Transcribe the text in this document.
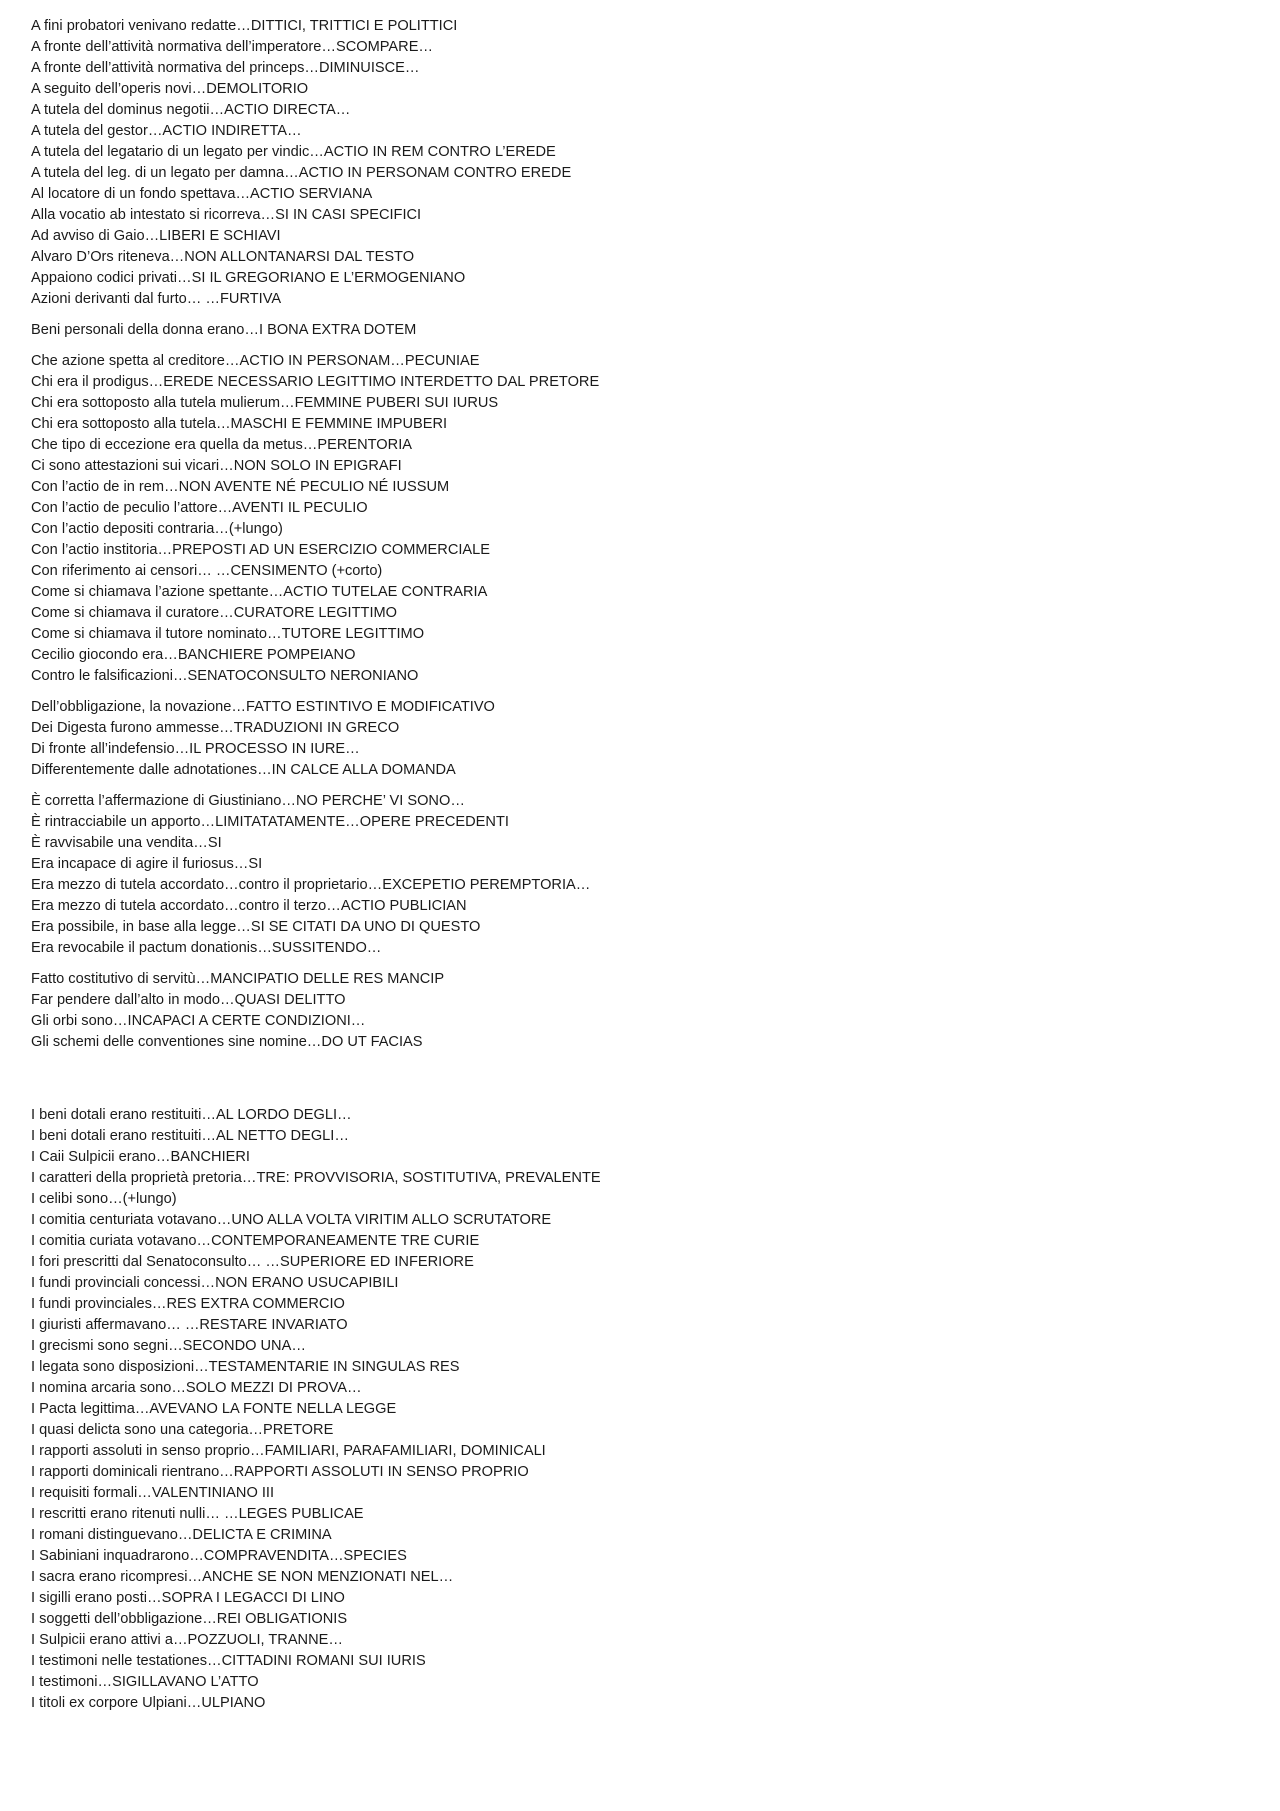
A fini probatori venivano redatte…DITTICI, TRITTICI E POLITTICI
A fronte dell’attività normativa dell’imperatore…SCOMPARE…
A fronte dell’attività normativa del princeps…DIMINUISCE…
A seguito dell’operis novi…DEMOLITORIO
A tutela del dominus negotii…ACTIO DIRECTA…
A tutela del gestor…ACTIO INDIRETTA…
A tutela del legatario di un legato per vindic…ACTIO IN REM CONTRO L’EREDE
A tutela del leg. di un legato per damna…ACTIO IN PERSONAM CONTRO EREDE
Al locatore di un fondo spettava…ACTIO SERVIANA
Alla vocatio ab intestato si ricorreva…SI IN CASI SPECIFICI
Ad avviso di Gaio…LIBERI E SCHIAVI
Alvaro D’Ors riteneva…NON ALLONTANARSI DAL TESTO
Appaiono codici privati…SI IL GREGORIANO E L’ERMOGENIANO
Azioni derivanti dal furto… …FURTIVA
Beni personali della donna erano…I BONA EXTRA DOTEM
Che azione spetta al creditore…ACTIO IN PERSONAM…PECUNIAE
Chi era il prodigus…EREDE NECESSARIO LEGITTIMO INTERDETTO DAL PRETORE
Chi era sottoposto alla tutela mulierum…FEMMINE PUBERI SUI IURUS
Chi era sottoposto alla tutela…MASCHI E FEMMINE IMPUBERI
Che tipo di eccezione era quella da metus…PERENTORIA
Ci sono attestazioni sui vicari…NON SOLO IN EPIGRAFI
Con l’actio de in rem…NON AVENTE NÉ PECULIO NÉ IUSSUM
Con l’actio de peculio l’attore…AVENTI IL PECULIO
Con l’actio depositi contraria…(+lungo)
Con l’actio institoria…PREPOSTI AD UN ESERCIZIO COMMERCIALE
Con riferimento ai censori… …CENSIMENTO (+corto)
Come si chiamava l’azione spettante…ACTIO TUTELAE CONTRARIA
Come si chiamava il curatore…CURATORE LEGITTIMO
Come si chiamava il tutore nominato…TUTORE LEGITTIMO
Cecilio giocondo era…BANCHIERE POMPEIANO
Contro le falsificazioni…SENATOCONSULTO NERONIANO
Dell’obbligazione, la novazione…FATTO ESTINTIVO E MODIFICATIVO
Dei Digesta furono ammesse…TRADUZIONI IN GRECO
Di fronte all’indefensio…IL PROCESSO IN IURE…
Differentemente dalle adnotationes…IN CALCE ALLA DOMANDA
È corretta l’affermazione di Giustiniano…NO PERCHE’ VI SONO…
È rintracciabile un apporto…LIMITATATAMENTE…OPERE PRECEDENTI
È ravvisabile una vendita…SI
Era incapace di agire il furiosus…SI
Era mezzo di tutela accordato…contro il proprietario…EXCEPETIO PEREMPTORIA…
Era mezzo di tutela accordato…contro il terzo…ACTIO PUBLICIAN
Era possibile, in base alla legge…SI SE CITATI DA UNO DI QUESTO
Era revocabile il pactum donationis…SUSSITENDO…
Fatto costitutivo di servitù…MANCIPATIO DELLE RES MANCIP
Far pendere dall’alto in modo…QUASI DELITTO
Gli orbi sono…INCAPACI A CERTE CONDIZIONI…
Gli schemi delle conventiones sine nomine…DO UT FACIAS
I beni dotali erano restituiti…AL LORDO DEGLI…
I beni dotali erano restituiti…AL NETTO DEGLI…
I Caii Sulpicii erano…BANCHIERI
I caratteri della proprietà pretoria…TRE: PROVVISORIA, SOSTITUTIVA, PREVALENTE
I celibi sono…(+lungo)
I comitia centuriata votavano…UNO ALLA VOLTA VIRITIM ALLO SCRUTATORE
I comitia curiata votavano…CONTEMPORANEAMENTE TRE CURIE
I fori prescritti dal Senatoconsulto… …SUPERIORE ED INFERIORE
I fundi provinciali concessi…NON ERANO USUCAPIBILI
I fundi provinciales…RES EXTRA COMMERCIO
I giuristi affermavano… …RESTARE INVARIATO
I grecismi sono segni…SECONDO UNA…
I legata sono disposizioni…TESTAMENTARIE IN SINGULAS RES
I nomina arcaria sono…SOLO MEZZI DI PROVA…
I Pacta legittima…AVEVANO LA FONTE NELLA LEGGE
I quasi delicta sono una categoria…PRETORE
I rapporti assoluti in senso proprio…FAMILIARI, PARAFAMILIARI, DOMINICALI
I rapporti dominicali rientrano…RAPPORTI ASSOLUTI IN SENSO PROPRIO
I requisiti formali…VALENTINIANO III
I rescritti erano ritenuti nulli… …LEGES PUBLICAE
I romani distinguevano…DELICTA E CRIMINA
I Sabiniani inquadrarono…COMPRAVENDITA…SPECIES
I sacra erano ricompresi…ANCHE SE NON MENZIONATI NEL…
I sigilli erano posti…SOPRA I LEGACCI DI LINO
I soggetti dell’obbligazione…REI OBLIGATIONIS
I Sulpicii erano attivi a…POZZUOLI, TRANNE…
I testimoni nelle testationes…CITTADINI ROMANI SUI IURIS
I testimoni…SIGILLAVANO L’ATTO
I titoli ex corpore Ulpiani…ULPIANO
